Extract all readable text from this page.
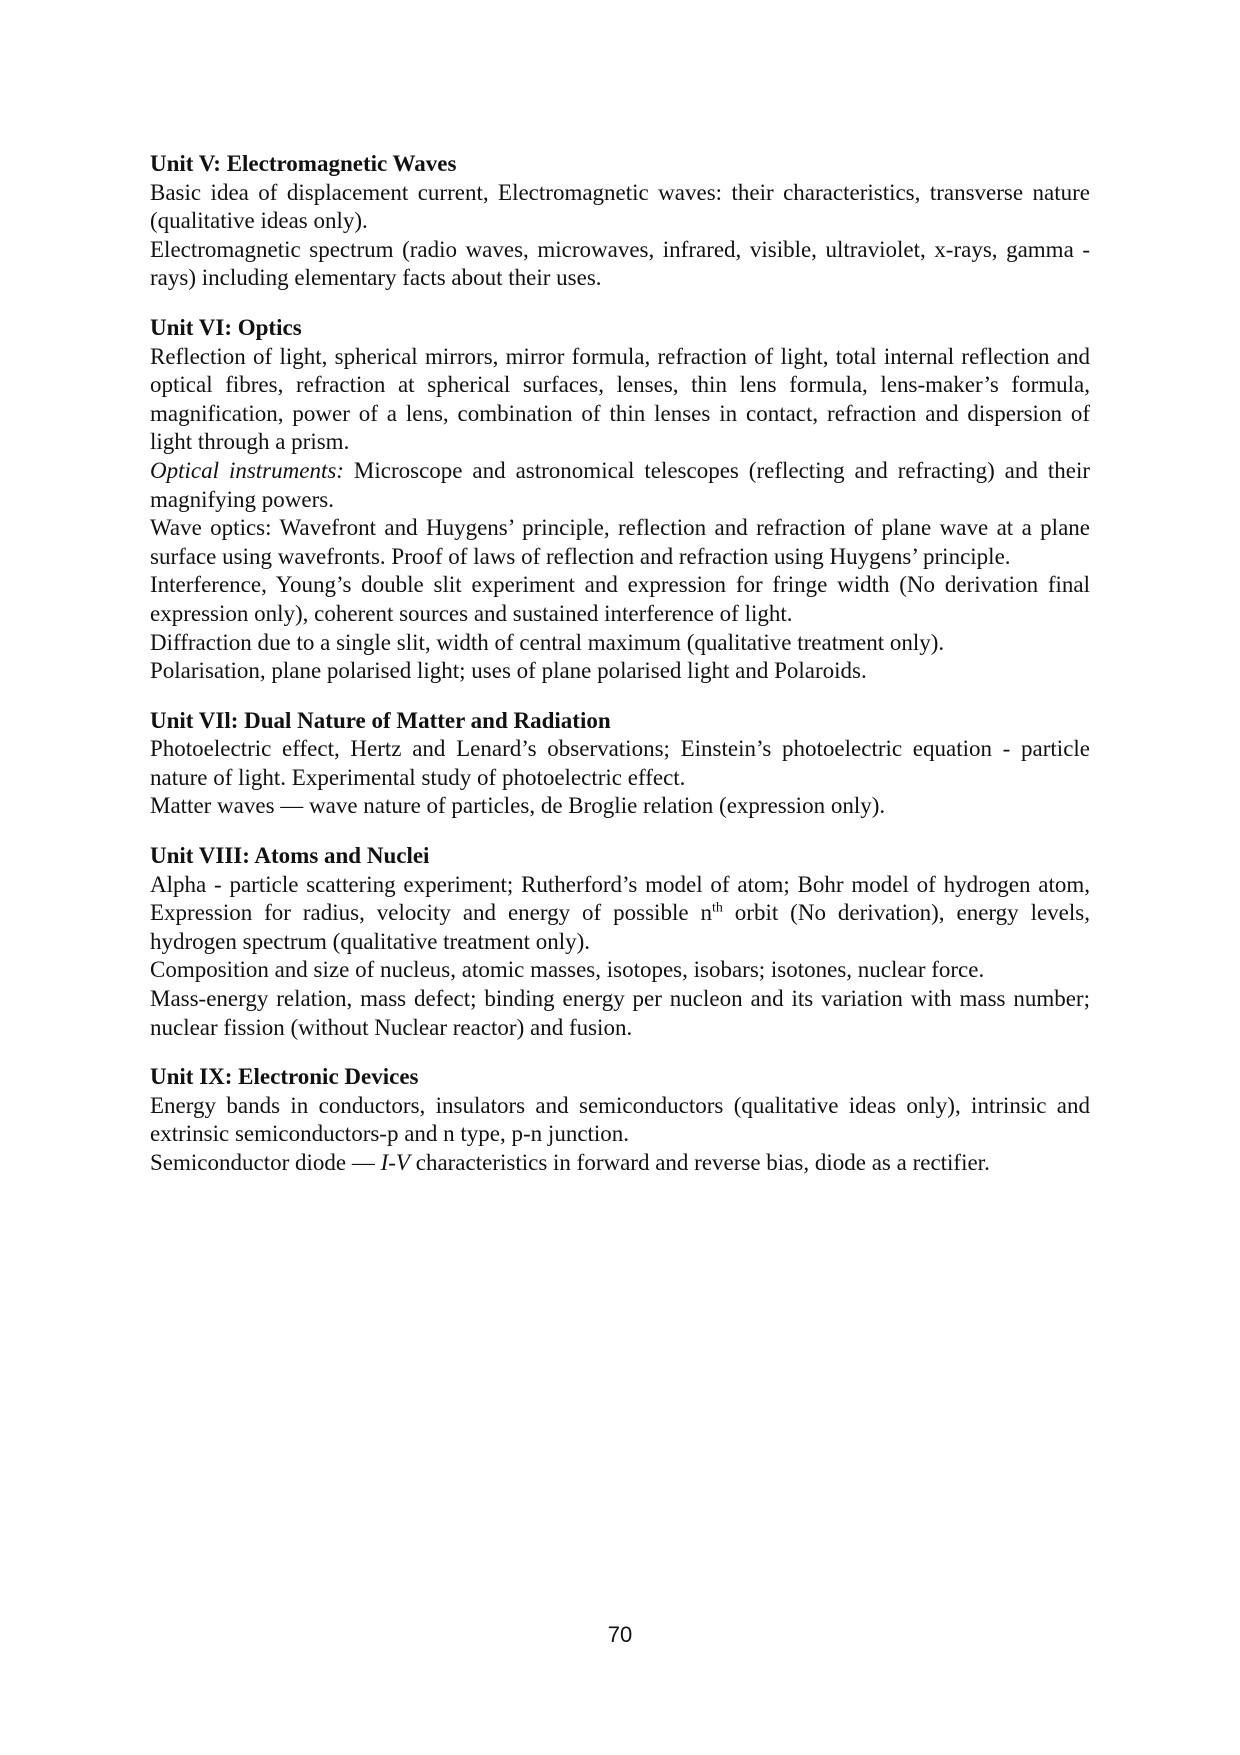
Unit V: Electromagnetic Waves

Basic idea of displacement current, Electromagnetic waves: their characteristics, transverse nature (qualitative ideas only).

Electromagnetic spectrum (radio waves, microwaves, infrared, visible, ultraviolet, x-rays, gamma -rays) including elementary facts about their uses.

Unit VI: Optics

Reflection of light, spherical mirrors, mirror formula, refraction of light, total internal reflection and optical fibres, refraction at spherical surfaces, lenses, thin lens formula, lens-maker’s formula, magnification, power of a lens, combination of thin lenses in contact, refraction and dispersion of light through a prism.

Optical instruments: Microscope and astronomical telescopes (reflecting and refracting) and their magnifying powers.

Wave optics: Wavefront and Huygens’ principle, reflection and refraction of plane wave at a plane surface using wavefronts. Proof of laws of reflection and refraction using Huygens’ principle.

Interference, Young’s double slit experiment and expression for fringe width (No derivation final expression only), coherent sources and sustained interference of light.

Diffraction due to a single slit, width of central maximum (qualitative treatment only).

Polarisation, plane polarised light; uses of plane polarised light and Polaroids.

Unit VIl: Dual Nature of Matter and Radiation

Photoelectric effect, Hertz and Lenard’s observations; Einstein’s photoelectric equation - particle nature of light. Experimental study of photoelectric effect.

Matter waves — wave nature of particles, de Broglie relation (expression only).

Unit VIII: Atoms and Nuclei

Alpha - particle scattering experiment; Rutherford’s model of atom; Bohr model of hydrogen atom, Expression for radius, velocity and energy of possible $n^{th}$ orbit (No derivation), energy levels, hydrogen spectrum (qualitative treatment only).

Composition and size of nucleus, atomic masses, isotopes, isobars; isotones, nuclear force.

Mass-energy relation, mass defect; binding energy per nucleon and its variation with mass number; nuclear fission (without Nuclear reactor) and fusion.

Unit IX: Electronic Devices

Energy bands in conductors, insulators and semiconductors (qualitative ideas only), intrinsic and extrinsic semiconductors-p and n type, p-n junction.

Semiconductor diode — I-V characteristics in forward and reverse bias, diode as a rectifier.

70
